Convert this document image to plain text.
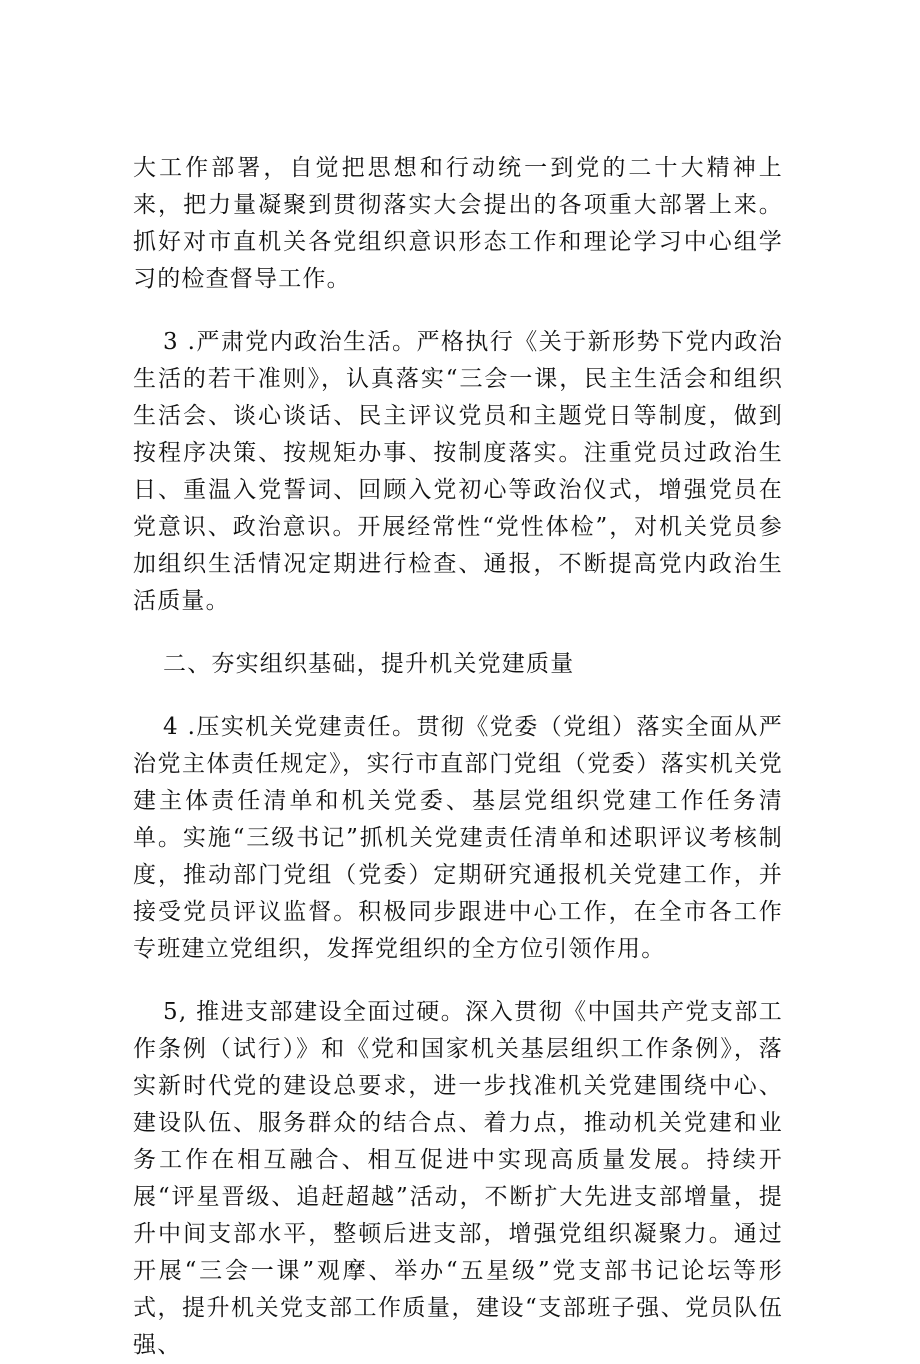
大工作部署，自觉把思想和行动统一到党的二十大精神上来，把力量凝聚到贯彻落实大会提出的各项重大部署上来。抓好对市直机关各党组织意识形态工作和理论学习中心组学习的检查督导工作。

3 .严肃党内政治生活。严格执行《关于新形势下党内政治生活的若干准则》，认真落实“三会一课，民主生活会和组织生活会、谈心谈话、民主评议党员和主题党日等制度，做到按程序决策、按规矩办事、按制度落实。注重党员过政治生日、重温入党誓词、回顾入党初心等政治仪式，增强党员在党意识、政治意识。开展经常性“党性体检”，对机关党员参加组织生活情况定期进行检查、通报，不断提高党内政治生活质量。

二、夯实组织基础，提升机关党建质量

4 .压实机关党建责任。贯彻《党委（党组）落实全面从严治党主体责任规定》，实行市直部门党组（党委）落实机关党建主体责任清单和机关党委、基层党组织党建工作任务清单。实施“三级书记”抓机关党建责任清单和述职评议考核制度，推动部门党组（党委）定期研究通报机关党建工作，并接受党员评议监督。积极同步跟进中心工作，在全市各工作专班建立党组织，发挥党组织的全方位引领作用。

5, 推进支部建设全面过硬。深入贯彻《中国共产党支部工作条例（试行）》和《党和国家机关基层组织工作条例》，落实新时代党的建设总要求，进一步找准机关党建围绕中心、建设队伍、服务群众的结合点、着力点，推动机关党建和业务工作在相互融合、相互促进中实现高质量发展。持续开展“评星晋级、追赶超越”活动，不断扩大先进支部增量，提升中间支部水平，整顿后进支部，增强党组织凝聚力。通过开展“三会一课”观摩、举办“五星级”党支部书记论坛等形式，提升机关党支部工作质量，建设“支部班子强、党员队伍强、
